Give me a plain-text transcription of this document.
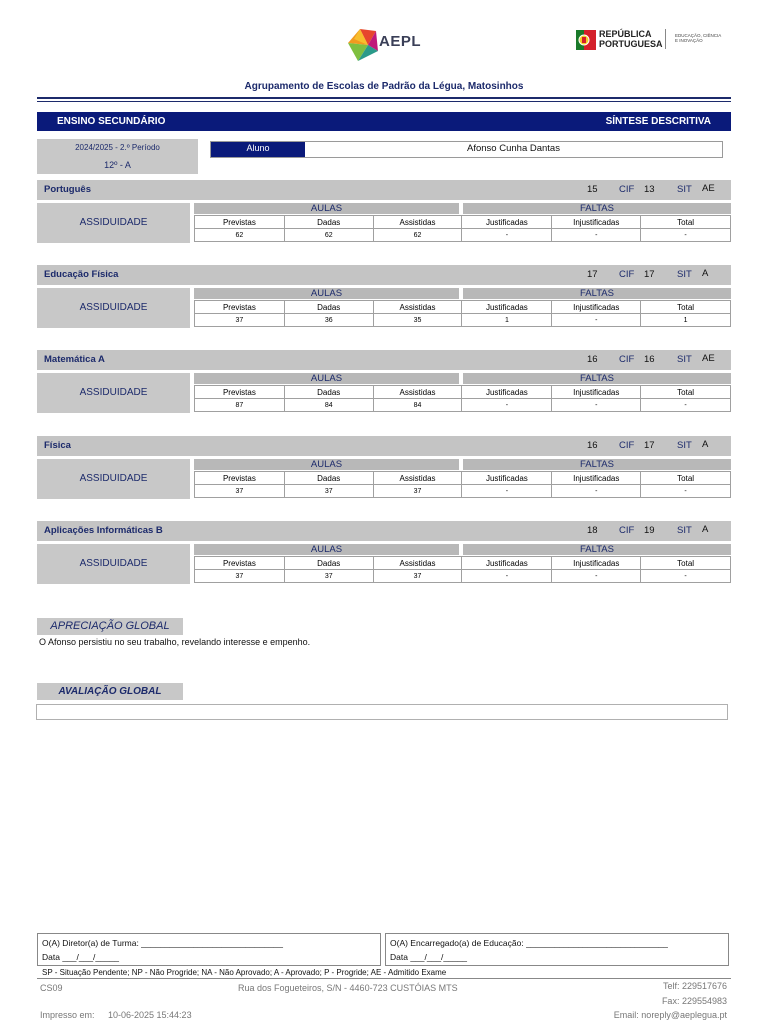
AEPL	REPÚBLICA
PORTUGUESA
EDUCAÇÃO, CIÊNCIA
E INOVAÇÃO
Agrupamento de Escolas de Padrão da Légua, Matosinhos
ENSINO SECUNDÁRIO	SÍNTESE DESCRITIVA
2024/2025 - 2.º Período
12º - A
Aluno	Afonso Cunha Dantas
Português	15 CIF 13 SIT AE
ASSIDUIDADE
AULAS	FALTAS
Previstas	Dadas	Assistidas	Justificadas	Injustificadas	Total
62	62	62	-	-	-
Educação Física	17 CIF 17 SIT A
ASSIDUIDADE
AULAS	FALTAS
Previstas	Dadas	Assistidas	Justificadas	Injustificadas	Total
37	36	35	1	-	1
Matemática A	16 CIF 16 SIT AE
ASSIDUIDADE
AULAS	FALTAS
Previstas	Dadas	Assistidas	Justificadas	Injustificadas	Total
87	84	84	-	-	-
Física	16 CIF 17 SIT A
ASSIDUIDADE
AULAS	FALTAS
Previstas	Dadas	Assistidas	Justificadas	Injustificadas	Total
37	37	37	-	-	-
Aplicações Informáticas B	18 CIF 19 SIT A
ASSIDUIDADE
AULAS	FALTAS
Previstas	Dadas	Assistidas	Justificadas	Injustificadas	Total
37	37	37	-	-	-
APRECIAÇÃO GLOBAL
O Afonso persistiu no seu trabalho, revelando interesse e empenho.
AVALIAÇÃO GLOBAL
O(A) Diretor(a) de Turma: ______________________________
Data ___/___/_____
O(A) Encarregado(a) de Educação: ______________________________
Data ___/___/_____
SP - Situação Pendente; NP - Não Progride; NA - Não Aprovado; A - Aprovado; P - Progride; AE - Admitido Exame
CS09	Rua dos Fogueteiros, S/N - 4460-723 CUSTÓIAS MTS	Telf: 229517676
Fax: 229554983
Impresso em: 10-06-2025 15:44:23	Email: noreply@aeplegua.pt
